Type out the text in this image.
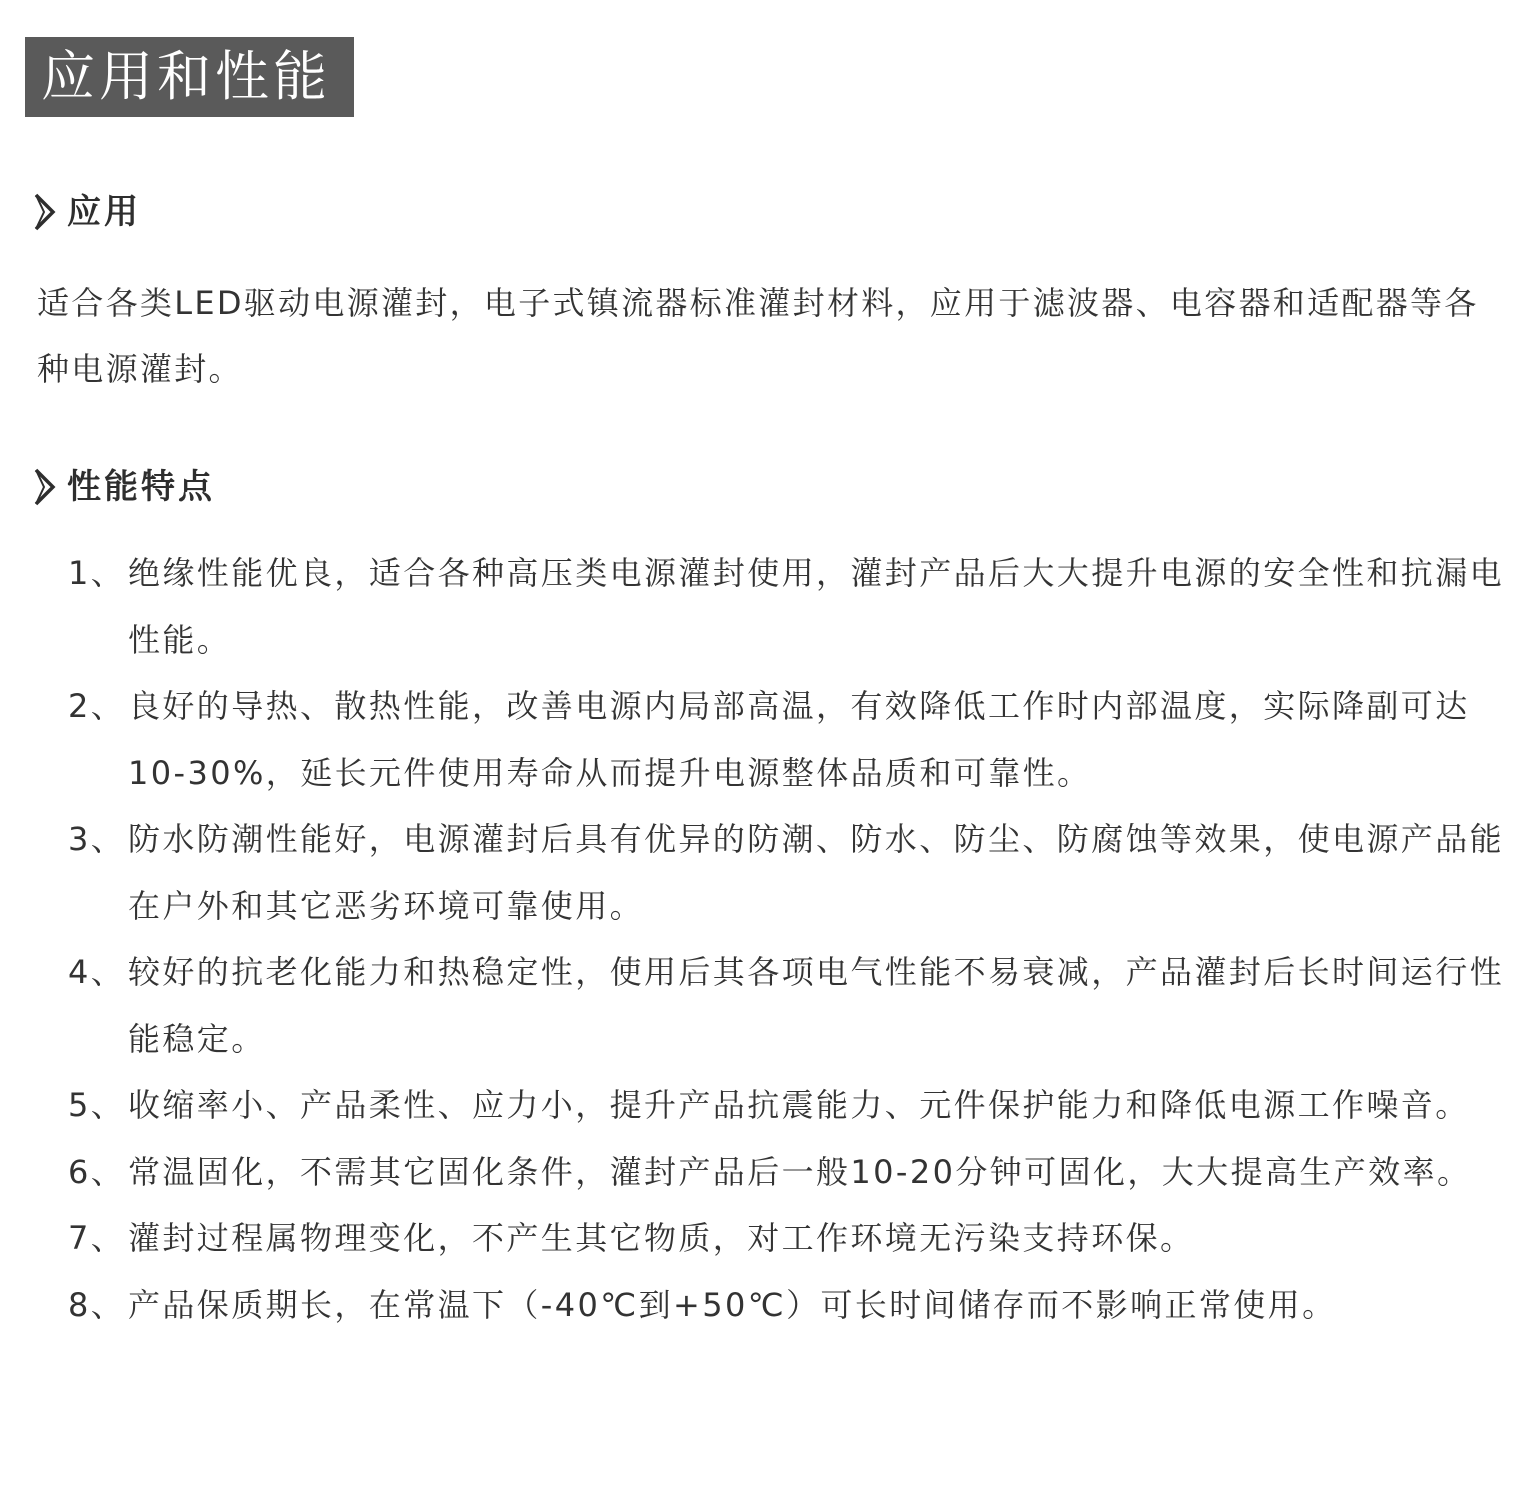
应用和性能
应用

适合各类LED驱动电源灌封，电子式镇流器标准灌封材料，应用于滤波器、电容器和适配器等各种电源灌封。

性能特点
1、 绝缘性能优良，适合各种高压类电源灌封使用，灌封产品后大大提升电源的安全性和抗漏电性能。
2、 良好的导热、散热性能，改善电源内局部高温，有效降低工作时内部温度，实际降副可达10-30%，延长元件使用寿命从而提升电源整体品质和可靠性。
3、 防水防潮性能好，电源灌封后具有优异的防潮、防水、防尘、防腐蚀等效果，使电源产品能在户外和其它恶劣环境可靠使用。
4、 较好的抗老化能力和热稳定性，使用后其各项电气性能不易衰减，产品灌封后长时间运行性能稳定。
5、 收缩率小、产品柔性、应力小，提升产品抗震能力、元件保护能力和降低电源工作噪音。
6、 常温固化，不需其它固化条件，灌封产品后一般10-20分钟可固化，大大提高生产效率。
7、 灌封过程属物理变化，不产生其它物质，对工作环境无污染支持环保。
8、 产品保质期长，在常温下（-40℃到+50℃）可长时间储存而不影响正常使用。
